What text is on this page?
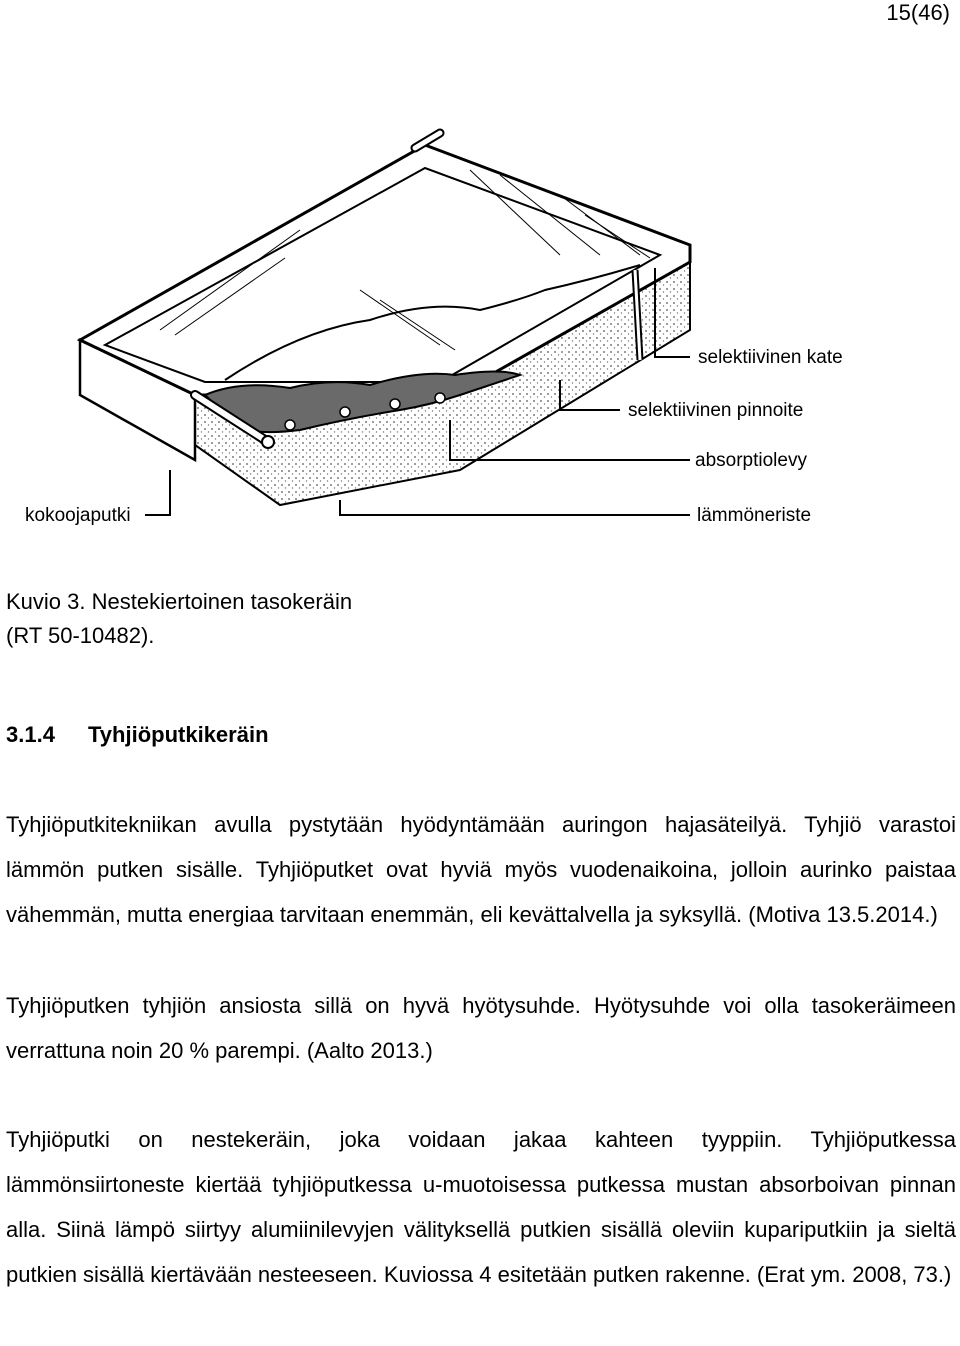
15(46)
selektiivinen kate
selektiivinen pinnoite
absorptiolevy
lämmöneriste
kokoojaputki
Kuvio 3. Nestekiertoinen tasokeräin
(RT 50-10482).
3.1.4 Tyhjiöputkikeräin

Tyhjiöputkitekniikan avulla pystytään hyödyntämään auringon hajasäteilyä. Tyhjiö varastoi lämmön putken sisälle. Tyhjiöputket ovat hyviä myös vuodenaikoina, jolloin aurinko paistaa vähemmän, mutta energiaa tarvitaan enemmän, eli kevättalvella ja syksyllä. (Motiva 13.5.2014.)

Tyhjiöputken tyhjiön ansiosta sillä on hyvä hyötysuhde. Hyötysuhde voi olla tasokeräimeen verrattuna noin 20 % parempi. (Aalto 2013.)

Tyhjiöputki on nestekeräin, joka voidaan jakaa kahteen tyyppiin. Tyhjiöputkessa lämmönsiirtoneste kiertää tyhjiöputkessa u-muotoisessa putkessa mustan absorboivan pinnan alla. Siinä lämpö siirtyy alumiinilevyjen välityksellä putkien sisällä oleviin kupariputkiin ja sieltä putkien sisällä kiertävään nesteeseen. Kuviossa 4 esitetään putken rakenne. (Erat ym. 2008, 73.)
